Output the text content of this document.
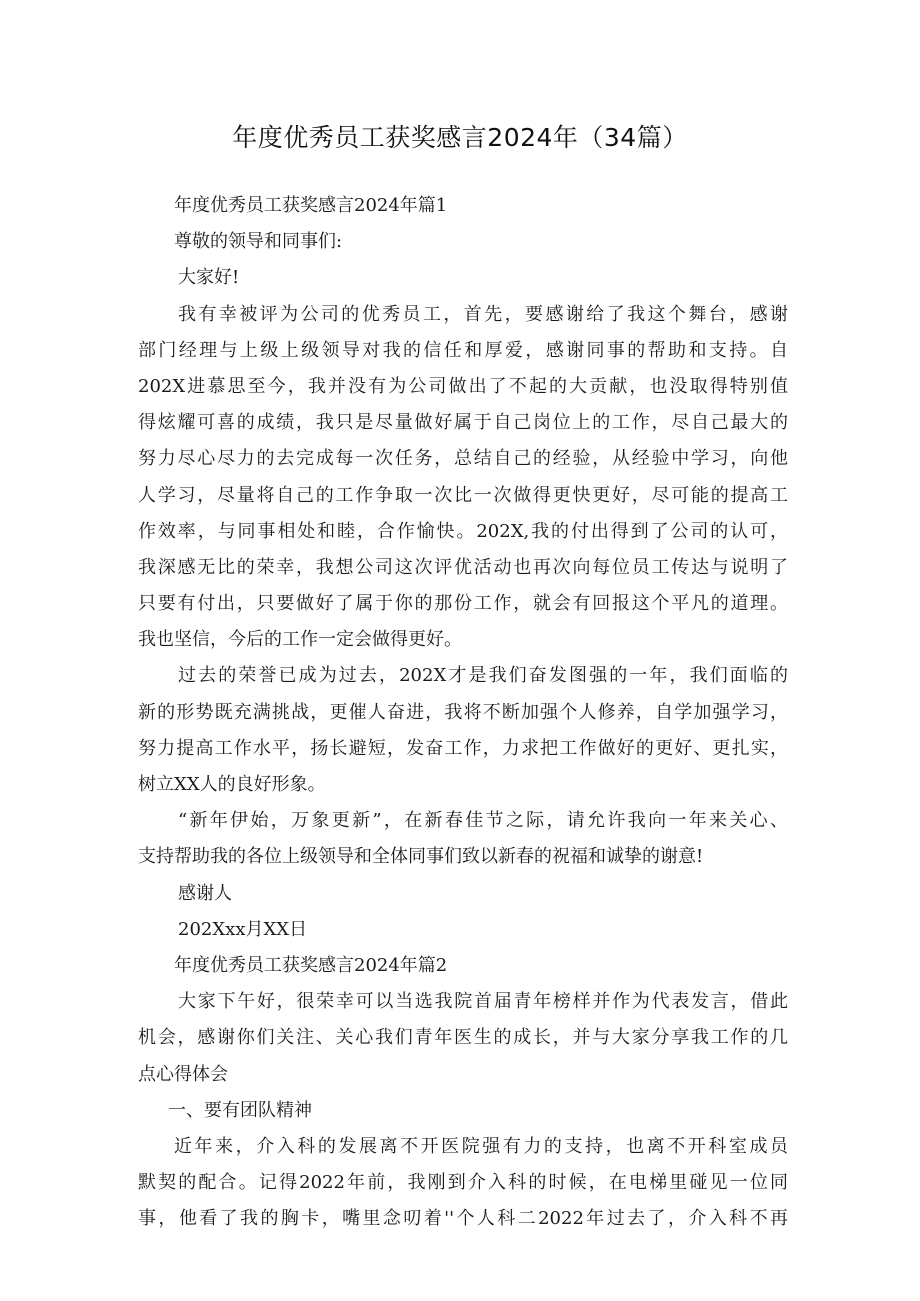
年度优秀员工获奖感言2024年（34篇）
年度优秀员工获奖感言2024年篇1
尊敬的领导和同事们:
大家好!
我有幸被评为公司的优秀员工，首先，要感谢给了我这个舞台，感谢
部门经理与上级上级领导对我的信任和厚爱，感谢同事的帮助和支持。自
202X进慕思至今，我并没有为公司做出了不起的大贡献，也没取得特别值
得炫耀可喜的成绩，我只是尽量做好属于自己岗位上的工作，尽自己最大的
努力尽心尽力的去完成每一次任务，总结自己的经验，从经验中学习，向他
人学习，尽量将自己的工作争取一次比一次做得更快更好，尽可能的提高工
作效率，与同事相处和睦，合作愉快。202X,我的付出得到了公司的认可，
我深感无比的荣幸，我想公司这次评优活动也再次向每位员工传达与说明了
只要有付出，只要做好了属于你的那份工作，就会有回报这个平凡的道理。
我也坚信，今后的工作一定会做得更好。
过去的荣誉已成为过去，202X才是我们奋发图强的一年，我们面临的
新的形势既充满挑战，更催人奋进，我将不断加强个人修养，自学加强学习，
努力提高工作水平，扬长避短，发奋工作，力求把工作做好的更好、更扎实，
树立XX人的良好形象。
“新年伊始，万象更新”，在新春佳节之际，请允许我向一年来关心、
支持帮助我的各位上级领导和全体同事们致以新春的祝福和诚挚的谢意!
感谢人
202Xxx月XX日
年度优秀员工获奖感言2024年篇2
大家下午好，很荣幸可以当选我院首届青年榜样并作为代表发言，借此
机会，感谢你们关注、关心我们青年医生的成长，并与大家分享我工作的几
点心得体会
一、要有团队精神
近年来，介入科的发展离不开医院强有力的支持，也离不开科室成员
默契的配合。记得2022年前，我刚到介入科的时候，在电梯里碰见一位同
事，他看了我的胸卡，嘴里念叨着''个人科二2022年过去了，介入科不再
